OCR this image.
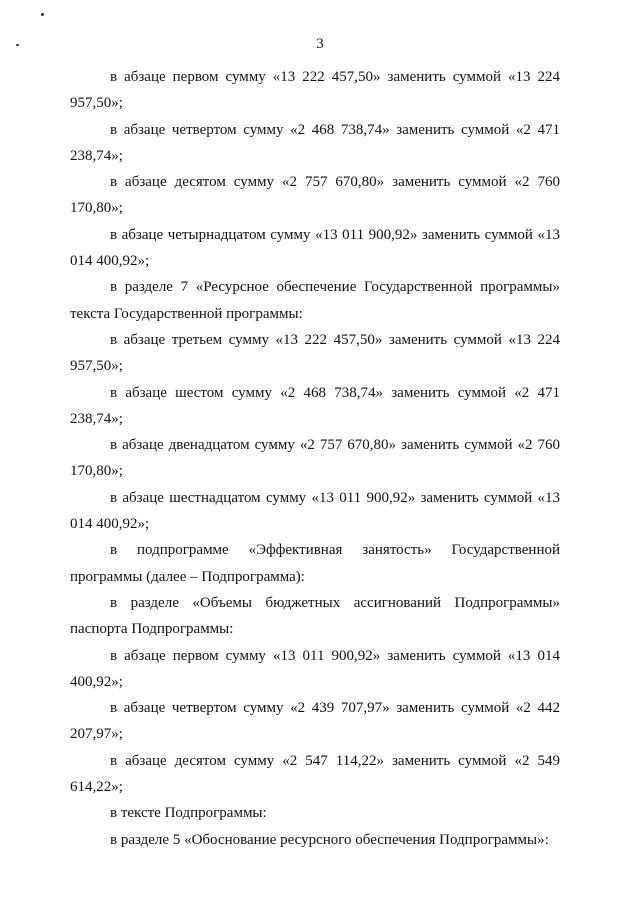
3

в абзаце первом сумму «13 222 457,50» заменить суммой «13 224 957,50»;

в абзаце четвертом сумму «2 468 738,74» заменить суммой «2 471 238,74»;

в абзаце десятом сумму «2 757 670,80» заменить суммой «2 760 170,80»;

в абзаце четырнадцатом сумму «13 011 900,92» заменить суммой «13 014 400,92»;

в разделе 7 «Ресурсное обеспечение Государственной программы» текста Государственной программы:

в абзаце третьем сумму «13 222 457,50» заменить суммой «13 224 957,50»;

в абзаце шестом сумму «2 468 738,74» заменить суммой «2 471 238,74»;

в абзаце двенадцатом сумму «2 757 670,80» заменить суммой «2 760 170,80»;

в абзаце шестнадцатом сумму «13 011 900,92» заменить суммой «13 014 400,92»;

в подпрограмме «Эффективная занятость» Государственной программы (далее – Подпрограмма):

в разделе «Объемы бюджетных ассигнований Подпрограммы» паспорта Подпрограммы:

в абзаце первом сумму «13 011 900,92» заменить суммой «13 014 400,92»;

в абзаце четвертом сумму «2 439 707,97» заменить суммой «2 442 207,97»;

в абзаце десятом сумму «2 547 114,22» заменить суммой «2 549 614,22»;

в тексте Подпрограммы:

в разделе 5 «Обоснование ресурсного обеспечения Подпрограммы»:
